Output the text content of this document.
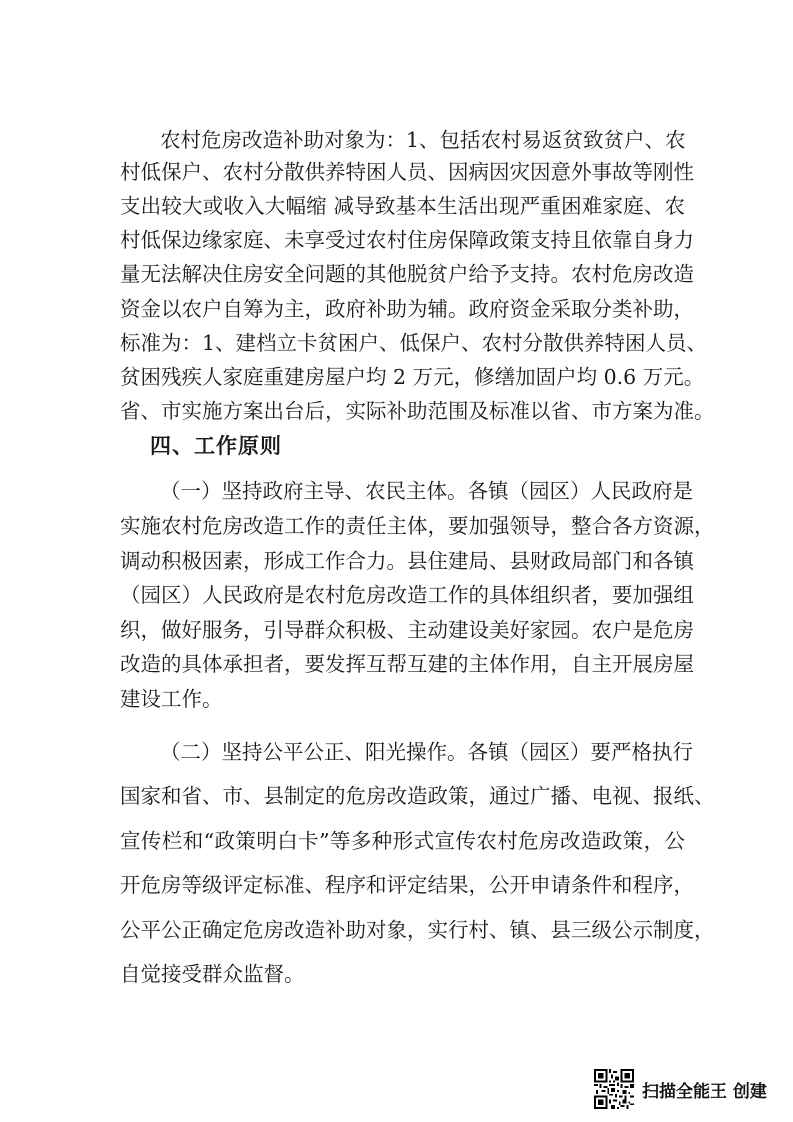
农村危房改造补助对象为：1、包括农村易返贫致贫户、农
村低保户、农村分散供养特困人员、因病因灾因意外事故等刚性
支出较大或收入大幅缩 减导致基本生活出现严重困难家庭、农
村低保边缘家庭、未享受过农村住房保障政策支持且依靠自身力
量无法解决住房安全问题的其他脱贫户给予支持。农村危房改造
资金以农户自筹为主，政府补助为辅。政府资金采取分类补助，
标准为：1、建档立卡贫困户、低保户、农村分散供养特困人员、
贫困残疾人家庭重建房屋户均 2 万元，修缮加固户均 0.6 万元。
省、市实施方案出台后，实际补助范围及标准以省、市方案为准。
四、工作原则
（一）坚持政府主导、农民主体。各镇（园区）人民政府是
实施农村危房改造工作的责任主体，要加强领导，整合各方资源，
调动积极因素，形成工作合力。县住建局、县财政局部门和各镇
（园区）人民政府是农村危房改造工作的具体组织者，要加强组
织，做好服务，引导群众积极、主动建设美好家园。农户是危房
改造的具体承担者，要发挥互帮互建的主体作用，自主开展房屋
建设工作。
（二）坚持公平公正、阳光操作。各镇（园区）要严格执行
国家和省、市、县制定的危房改造政策，通过广播、电视、报纸、
宣传栏和“政策明白卡”等多种形式宣传农村危房改造政策，公
开危房等级评定标准、程序和评定结果，公开申请条件和程序，
公平公正确定危房改造补助对象，实行村、镇、县三级公示制度，
自觉接受群众监督。
扫描全能王 创建
